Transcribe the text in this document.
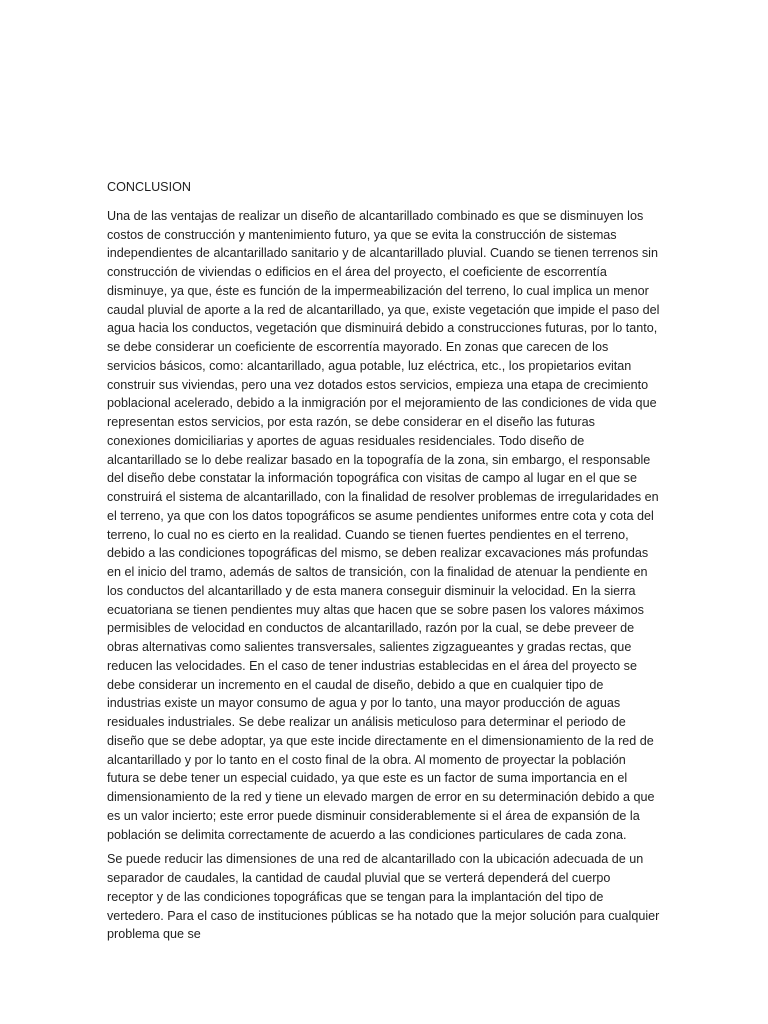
CONCLUSION

Una de las ventajas de realizar un diseño de alcantarillado combinado es que se disminuyen los costos de construcción y mantenimiento futuro, ya que se evita la construcción de sistemas independientes de alcantarillado sanitario y de alcantarillado pluvial. Cuando se tienen terrenos sin construcción de viviendas o edificios en el área del proyecto, el coeficiente de escorrentía disminuye, ya que, éste es función de la impermeabilización del terreno, lo cual implica un menor caudal pluvial de aporte a la red de alcantarillado, ya que, existe vegetación que impide el paso del agua hacia los conductos, vegetación que disminuirá debido a construcciones futuras, por lo tanto, se debe considerar un coeficiente de escorrentía mayorado. En zonas que carecen de los servicios básicos, como: alcantarillado, agua potable, luz eléctrica, etc., los propietarios evitan construir sus viviendas, pero una vez dotados estos servicios, empieza una etapa de crecimiento poblacional acelerado, debido a la inmigración por el mejoramiento de las condiciones de vida que representan estos servicios, por esta razón, se debe considerar en el diseño las futuras conexiones domiciliarias y aportes de aguas residuales residenciales. Todo diseño de alcantarillado se lo debe realizar basado en la topografía de la zona, sin embargo, el responsable del diseño debe constatar la información topográfica con visitas de campo al lugar en el que se construirá el sistema de alcantarillado, con la finalidad de resolver problemas de irregularidades en el terreno, ya que con los datos topográficos se asume pendientes uniformes entre cota y cota del terreno, lo cual no es cierto en la realidad. Cuando se tienen fuertes pendientes en el terreno, debido a las condiciones topográficas del mismo, se deben realizar excavaciones más profundas en el inicio del tramo, además de saltos de transición, con la finalidad de atenuar la pendiente en los conductos del alcantarillado y de esta manera conseguir disminuir la velocidad. En la sierra ecuatoriana se tienen pendientes muy altas que hacen que se sobre pasen los valores máximos permisibles de velocidad en conductos de alcantarillado, razón por la cual, se debe preveer de obras alternativas como salientes transversales, salientes zigzagueantes y gradas rectas, que reducen las velocidades. En el caso de tener industrias establecidas en el área del proyecto se debe considerar un incremento en el caudal de diseño, debido a que en cualquier tipo de industrias existe un mayor consumo de agua y por lo tanto, una mayor producción de aguas residuales industriales. Se debe realizar un análisis meticuloso para determinar el periodo de diseño que se debe adoptar, ya que este incide directamente en el dimensionamiento de la red de alcantarillado y por lo tanto en el costo final de la obra. Al momento de proyectar la población futura se debe tener un especial cuidado, ya que este es un factor de suma importancia en el dimensionamiento de la red y tiene un elevado margen de error en su determinación debido a que es un valor incierto; este error puede disminuir considerablemente si el área de expansión de la población se delimita correctamente de acuerdo a las condiciones particulares de cada zona.

Se puede reducir las dimensiones de una red de alcantarillado con la ubicación adecuada de un separador de caudales, la cantidad de caudal pluvial que se verterá dependerá del cuerpo receptor y de las condiciones topográficas que se tengan para la implantación del tipo de vertedero. Para el caso de instituciones públicas se ha notado que la mejor solución para cualquier problema que se
